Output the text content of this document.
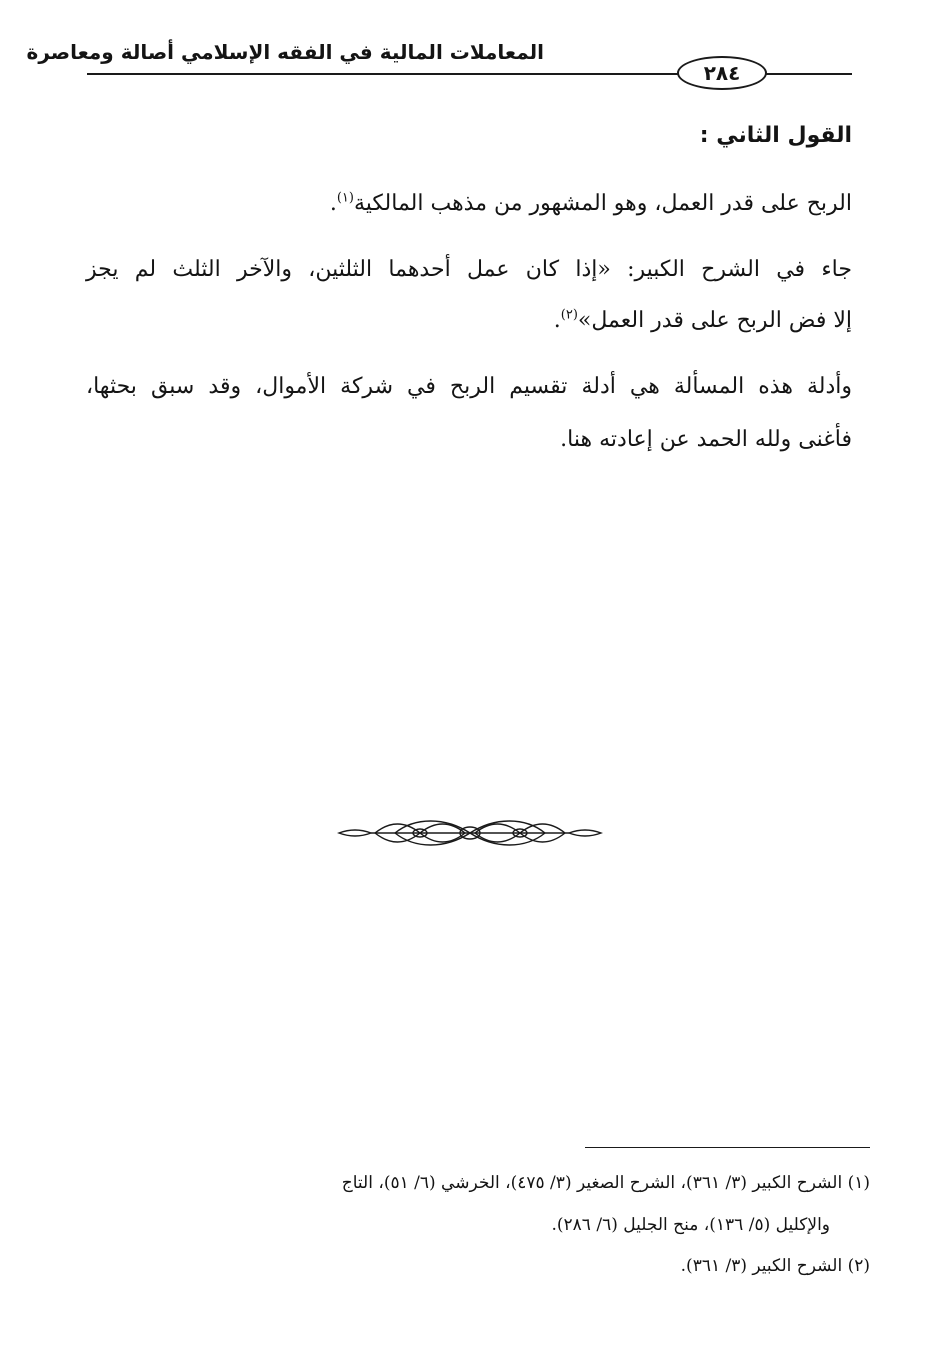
المعاملات المالية في الفقه الإسلامي أصالة ومعاصرة
٢٨٤
القول الثاني :
الربح على قدر العمل، وهو المشهور من مذهب المالكية$^{(١)}$.
جاء في الشرح الكبير: «إذا كان عمل أحدهما الثلثين، والآخر الثلث لم يجز
إلا فض الربح على قدر العمل»$^{(٢)}$.
وأدلة هذه المسألة هي أدلة تقسيم الربح في شركة الأموال، وقد سبق بحثها،
فأغنى ولله الحمد عن إعادته هنا.
(١) الشرح الكبير (٣/ ٣٦١)، الشرح الصغير (٣/ ٤٧٥)، الخرشي (٦/ ٥١)، التاج
والإكليل (٥/ ١٣٦)، منح الجليل (٦/ ٢٨٦).
(٢) الشرح الكبير (٣/ ٣٦١).
